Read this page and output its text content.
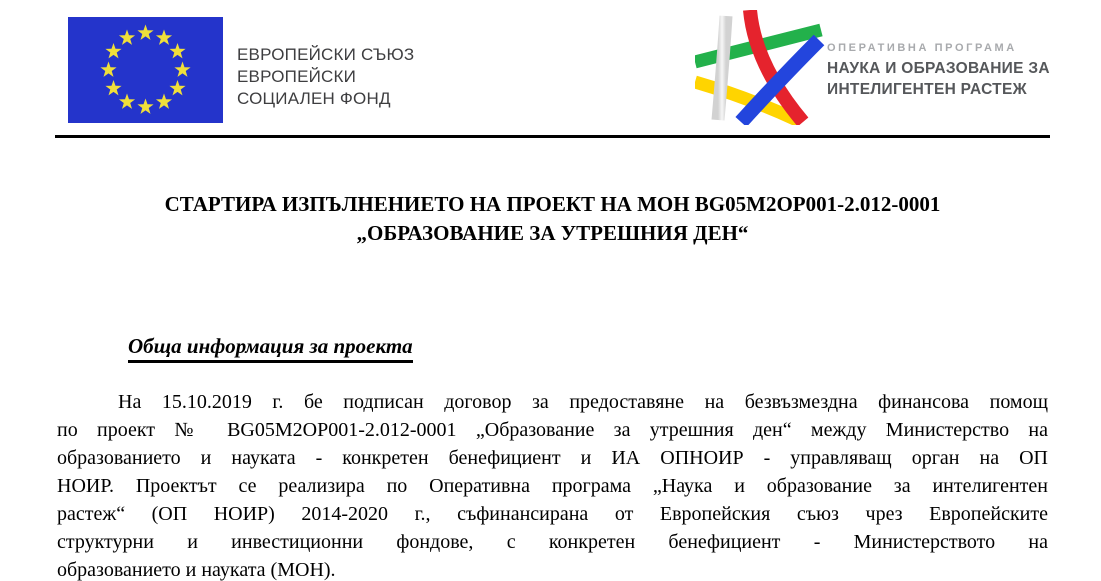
ЕВРОПЕЙСКИ СЪЮЗ
ЕВРОПЕЙСКИ
СОЦИАЛЕН ФОНД
ОПЕРАТИВНА ПРОГРАМА
НАУКА И ОБРАЗОВАНИЕ ЗА
ИНТЕЛИГЕНТЕН РАСТЕЖ
СТАРТИРА ИЗПЪЛНЕНИЕТО НА ПРОЕКТ НА МОН BG05M2OP001-2.012-0001
„ОБРАЗОВАНИЕ ЗА УТРЕШНИЯ ДЕН“
Обща информация за проекта
На 15.10.2019 г. бе подписан договор за предоставяне на безвъзмездна финансова помощ
по проект № BG05M2OP001-2.012-0001 „Образование за утрешния ден“ между Министерство на
образованието и науката - конкретен бенефициент и ИА ОПНОИР - управляващ орган на ОП
НОИР. Проектът се реализира по Оперативна програма „Наука и образование за интелигентен
растеж“ (ОП НОИР) 2014-2020 г., съфинансирана от Европейския съюз чрез Европейските
структурни и инвестиционни фондове, с конкретен бенефициент - Министерството на
образованието и науката (МОН).
